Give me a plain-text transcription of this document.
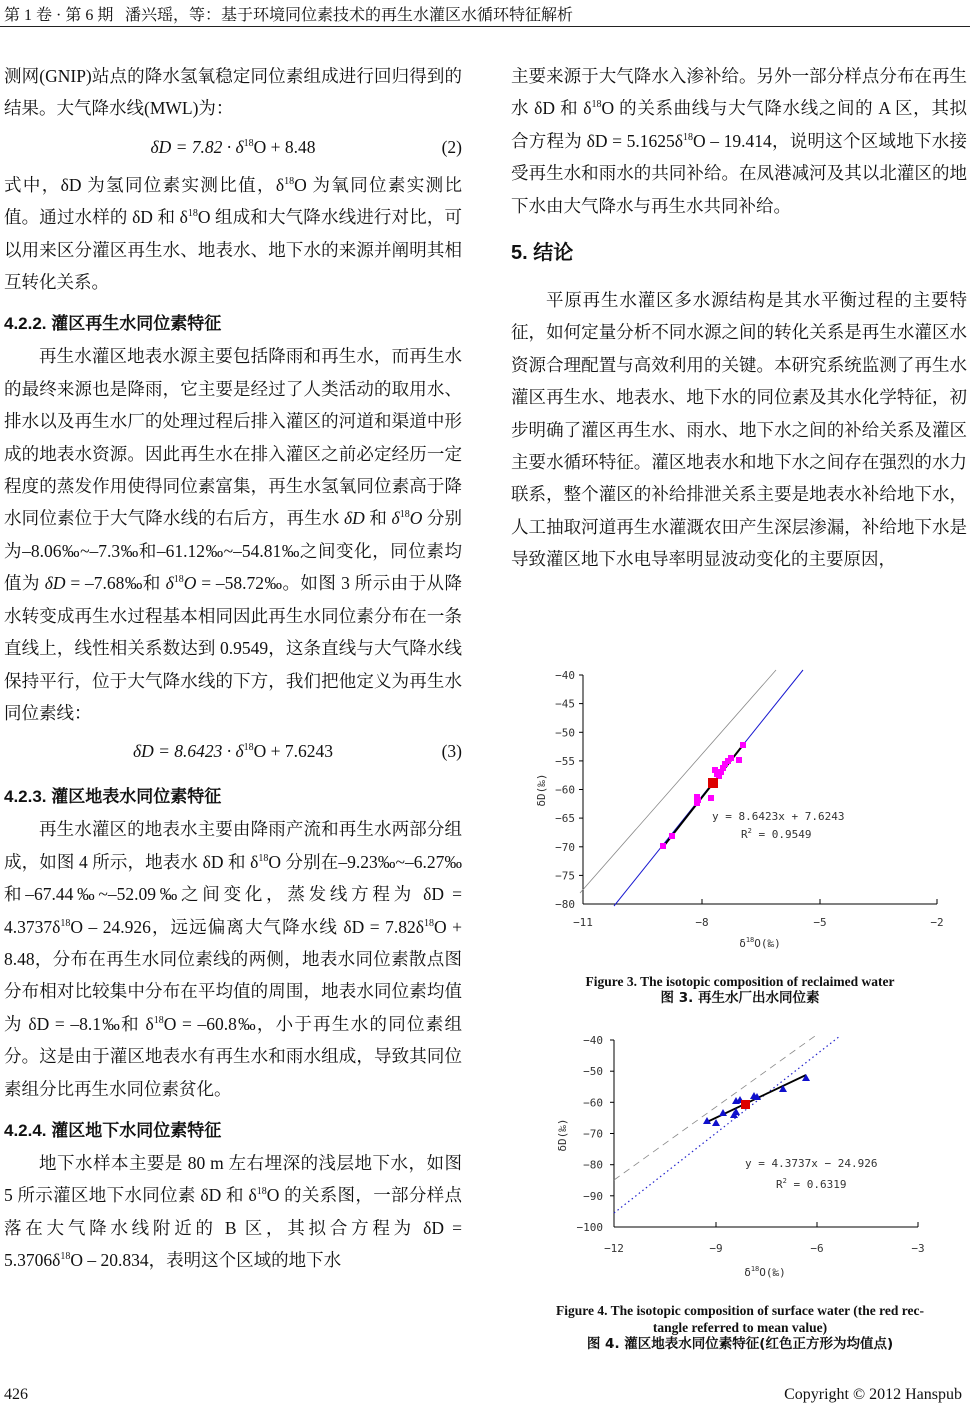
第 1 卷 · 第 6 期 潘兴瑶，等：基于环境同位素技术的再生水灌区水循环特征解析

测网(GNIP)站点的降水氢氧稳定同位素组成进行回归得到的结果。大气降水线(MWL)为：

$\delta D = 7.82 \cdot \delta^{18}O + 8.48$	(2)

式中，δD 为氢同位素实测比值，$\delta^{18}O$ 为氧同位素实测比值。通过水样的 δD 和 $\delta^{18}O$ 组成和大气降水线进行对比，可以用来区分灌区再生水、地表水、地下水的来源并阐明其相互转化关系。

4.2.2. 灌区再生水同位素特征

再生水灌区地表水源主要包括降雨和再生水，而再生水的最终来源也是降雨，它主要是经过了人类活动的取用水、排水以及再生水厂的处理过程后排入灌区的河道和渠道中形成的地表水资源。因此再生水在排入灌区之前必定经历一定程度的蒸发作用使得同位素富集，再生水氢氧同位素高于降水同位素位于大气降水线的右后方，再生水 δD 和 $\delta^{18}O$ 分别为–8.06‰~–7.3‰和–61.12‰~–54.81‰之间变化，同位素均值为 δD = –7.68‰和 $\delta^{18}O$ = –58.72‰。如图 3 所示由于从降水转变成再生水过程基本相同因此再生水同位素分布在一条直线上，线性相关系数达到 0.9549，这条直线与大气降水线保持平行，位于大气降水线的下方，我们把他定义为再生水同位素线：

$\delta D = 8.6423 \cdot \delta^{18}O + 7.6243$	(3)
4.2.3. 灌区地表水同位素特征

再生水灌区的地表水主要由降雨产流和再生水两部分组成，如图 4 所示，地表水 δD 和 $\delta^{18}O$ 分别在–9.23‰~–6.27‰和–67.44‰~–52.09‰之间变化，蒸发线方程为 $\delta D = 4.3737\delta^{18}O - 24.926$，远远偏离大气降水线 $\delta D = 7.82\delta^{18}O + 8.48$，分布在再生水同位素线的两侧，地表水同位素散点图分布相对比较集中分布在平均值的周围，地表水同位素均值为 δD = –8.1‰和 $\delta^{18}O$ = –60.8‰，小于再生水的同位素组分。这是由于灌区地表水有再生水和雨水组成，导致其同位素组分比再生水同位素贫化。

4.2.4. 灌区地下水同位素特征

地下水样本主要是 80 m 左右埋深的浅层地下水，如图 5 所示灌区地下水同位素 δD 和 $\delta^{18}O$ 的关系图，一部分样点落在大气降水线附近的 B 区，其拟合方程为 $\delta D = 5.3706\delta^{18}O - 20.834$，表明这个区域的地下水

主要来源于大气降水入渗补给。另外一部分样点分布在再生水 δD 和 $\delta^{18}O$ 的关系曲线与大气降水线之间的 A 区，其拟合方程为 $\delta D = 5.1625\delta^{18}O - 19.414$，说明这个区域地下水接受再生水和雨水的共同补给。在凤港减河及其以北灌区的地下水由大气降水与再生水共同补给。

5. 结论

平原再生水灌区多水源结构是其水平衡过程的主要特征，如何定量分析不同水源之间的转化关系是再生水灌区水资源合理配置与高效利用的关键。本研究系统监测了再生水灌区再生水、地表水、地下水的同位素及其水化学特征，初步明确了灌区再生水、雨水、地下水之间的补给关系及灌区主要水循环特征。灌区地表水和地下水之间存在强烈的水力联系，整个灌区的补给排泄关系主要是地表水补给地下水，人工抽取河道再生水灌溉农田产生深层渗漏，补给地下水是导致灌区地下水电导率明显波动变化的主要原因，

−40
−45
−50
−55
−60
−65
−70
−75
−80
−11	−8	−5	−2
y = 8.6423x + 7.6243
$R^2 = 0.9549$
δD(‰)
$\delta^{18}O(‰)$
Figure 3. The isotopic composition of reclaimed water
图 3. 再生水厂出水同位素
−40
−50
−60
−70
−80
−90
−100
−12	−9	−6	−3
y = 4.3737x − 24.926
$R^2 = 0.6319$
δD(‰)
$\delta^{18}O(‰)$
Figure 4. The isotopic composition of surface water (the red rec-
tangle referred to mean value)
图 4. 灌区地表水同位素特征(红色正方形为均值点)
426	Copyright © 2012 Hanspub
